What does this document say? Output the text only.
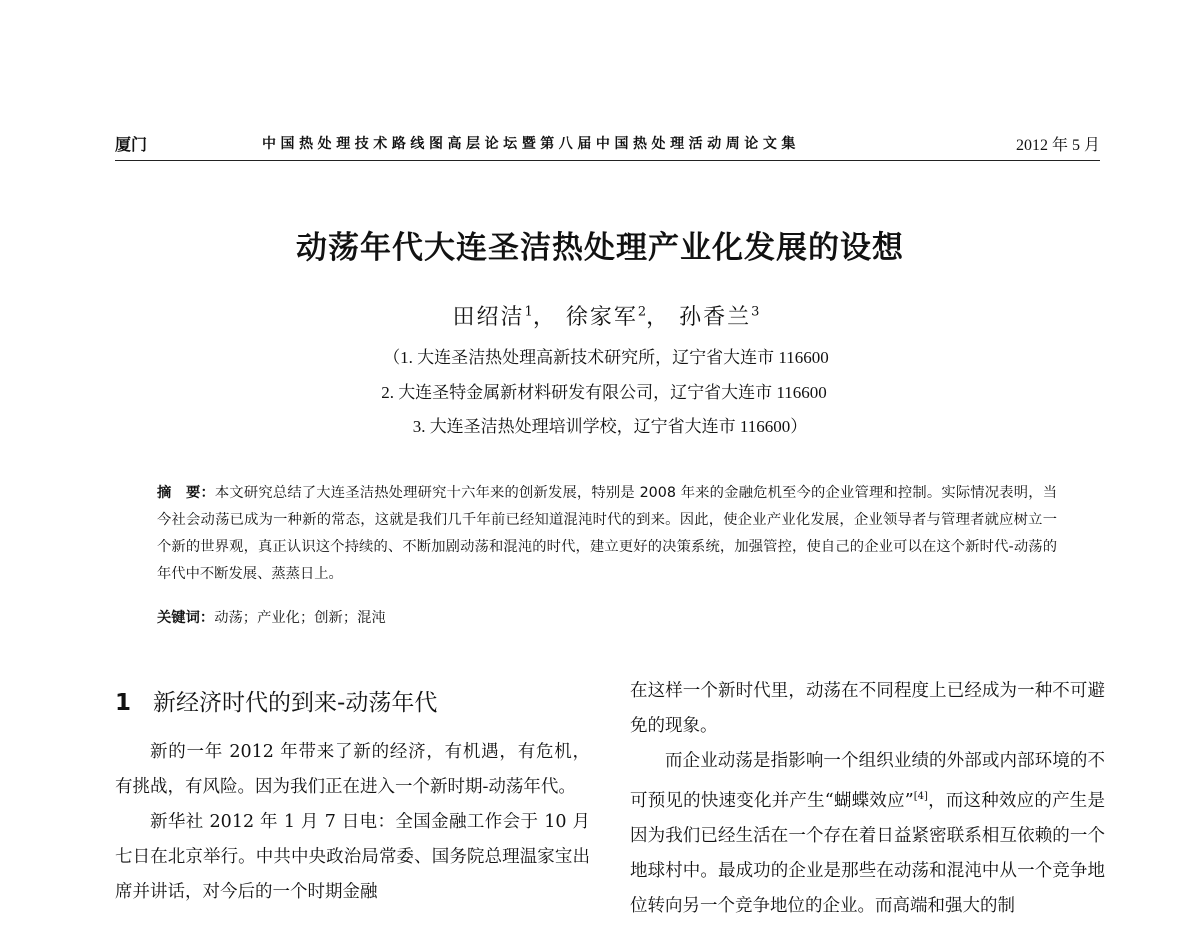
厦门	中国热处理技术路线图高层论坛暨第八届中国热处理活动周论文集	2012 年 5 月
动荡年代大连圣洁热处理产业化发展的设想
田绍洁$^1$， 徐家军$^2$， 孙香兰$^3$
（1. 大连圣洁热处理高新技术研究所，辽宁省大连市 116600
2. 大连圣特金属新材料研发有限公司，辽宁省大连市 116600
3. 大连圣洁热处理培训学校，辽宁省大连市 116600）
摘　要：本文研究总结了大连圣洁热处理研究十六年来的创新发展，特别是 2008 年来的金融危机至今的企业管理和控制。实际情况表明，当今社会动荡已成为一种新的常态，这就是我们几千年前已经知道混沌时代的到来。因此，使企业产业化发展，企业领导者与管理者就应树立一个新的世界观，真正认识这个持续的、不断加剧动荡和混沌的时代，建立更好的决策系统，加强管控，使自己的企业可以在这个新时代-动荡的年代中不断发展、蒸蒸日上。
关键词：动荡；产业化；创新；混沌
1 新经济时代的到来-动荡年代

新的一年 2012 年带来了新的经济，有机遇，有危机，有挑战，有风险。因为我们正在进入一个新时期-动荡年代。

新华社 2012 年 1 月 7 日电：全国金融工作会于 10 月七日在北京举行。中共中央政治局常委、国务院总理温家宝出席并讲话，对今后的一个时期金融

在这样一个新时代里，动荡在不同程度上已经成为一种不可避免的现象。

而企业动荡是指影响一个组织业绩的外部或内部环境的不可预见的快速变化并产生“蝴蝶效应”[4]，而这种效应的产生是因为我们已经生活在一个存在着日益紧密联系相互依赖的一个地球村中。最成功的企业是那些在动荡和混沌中从一个竞争地位转向另一个竞争地位的企业。而高端和强大的制
